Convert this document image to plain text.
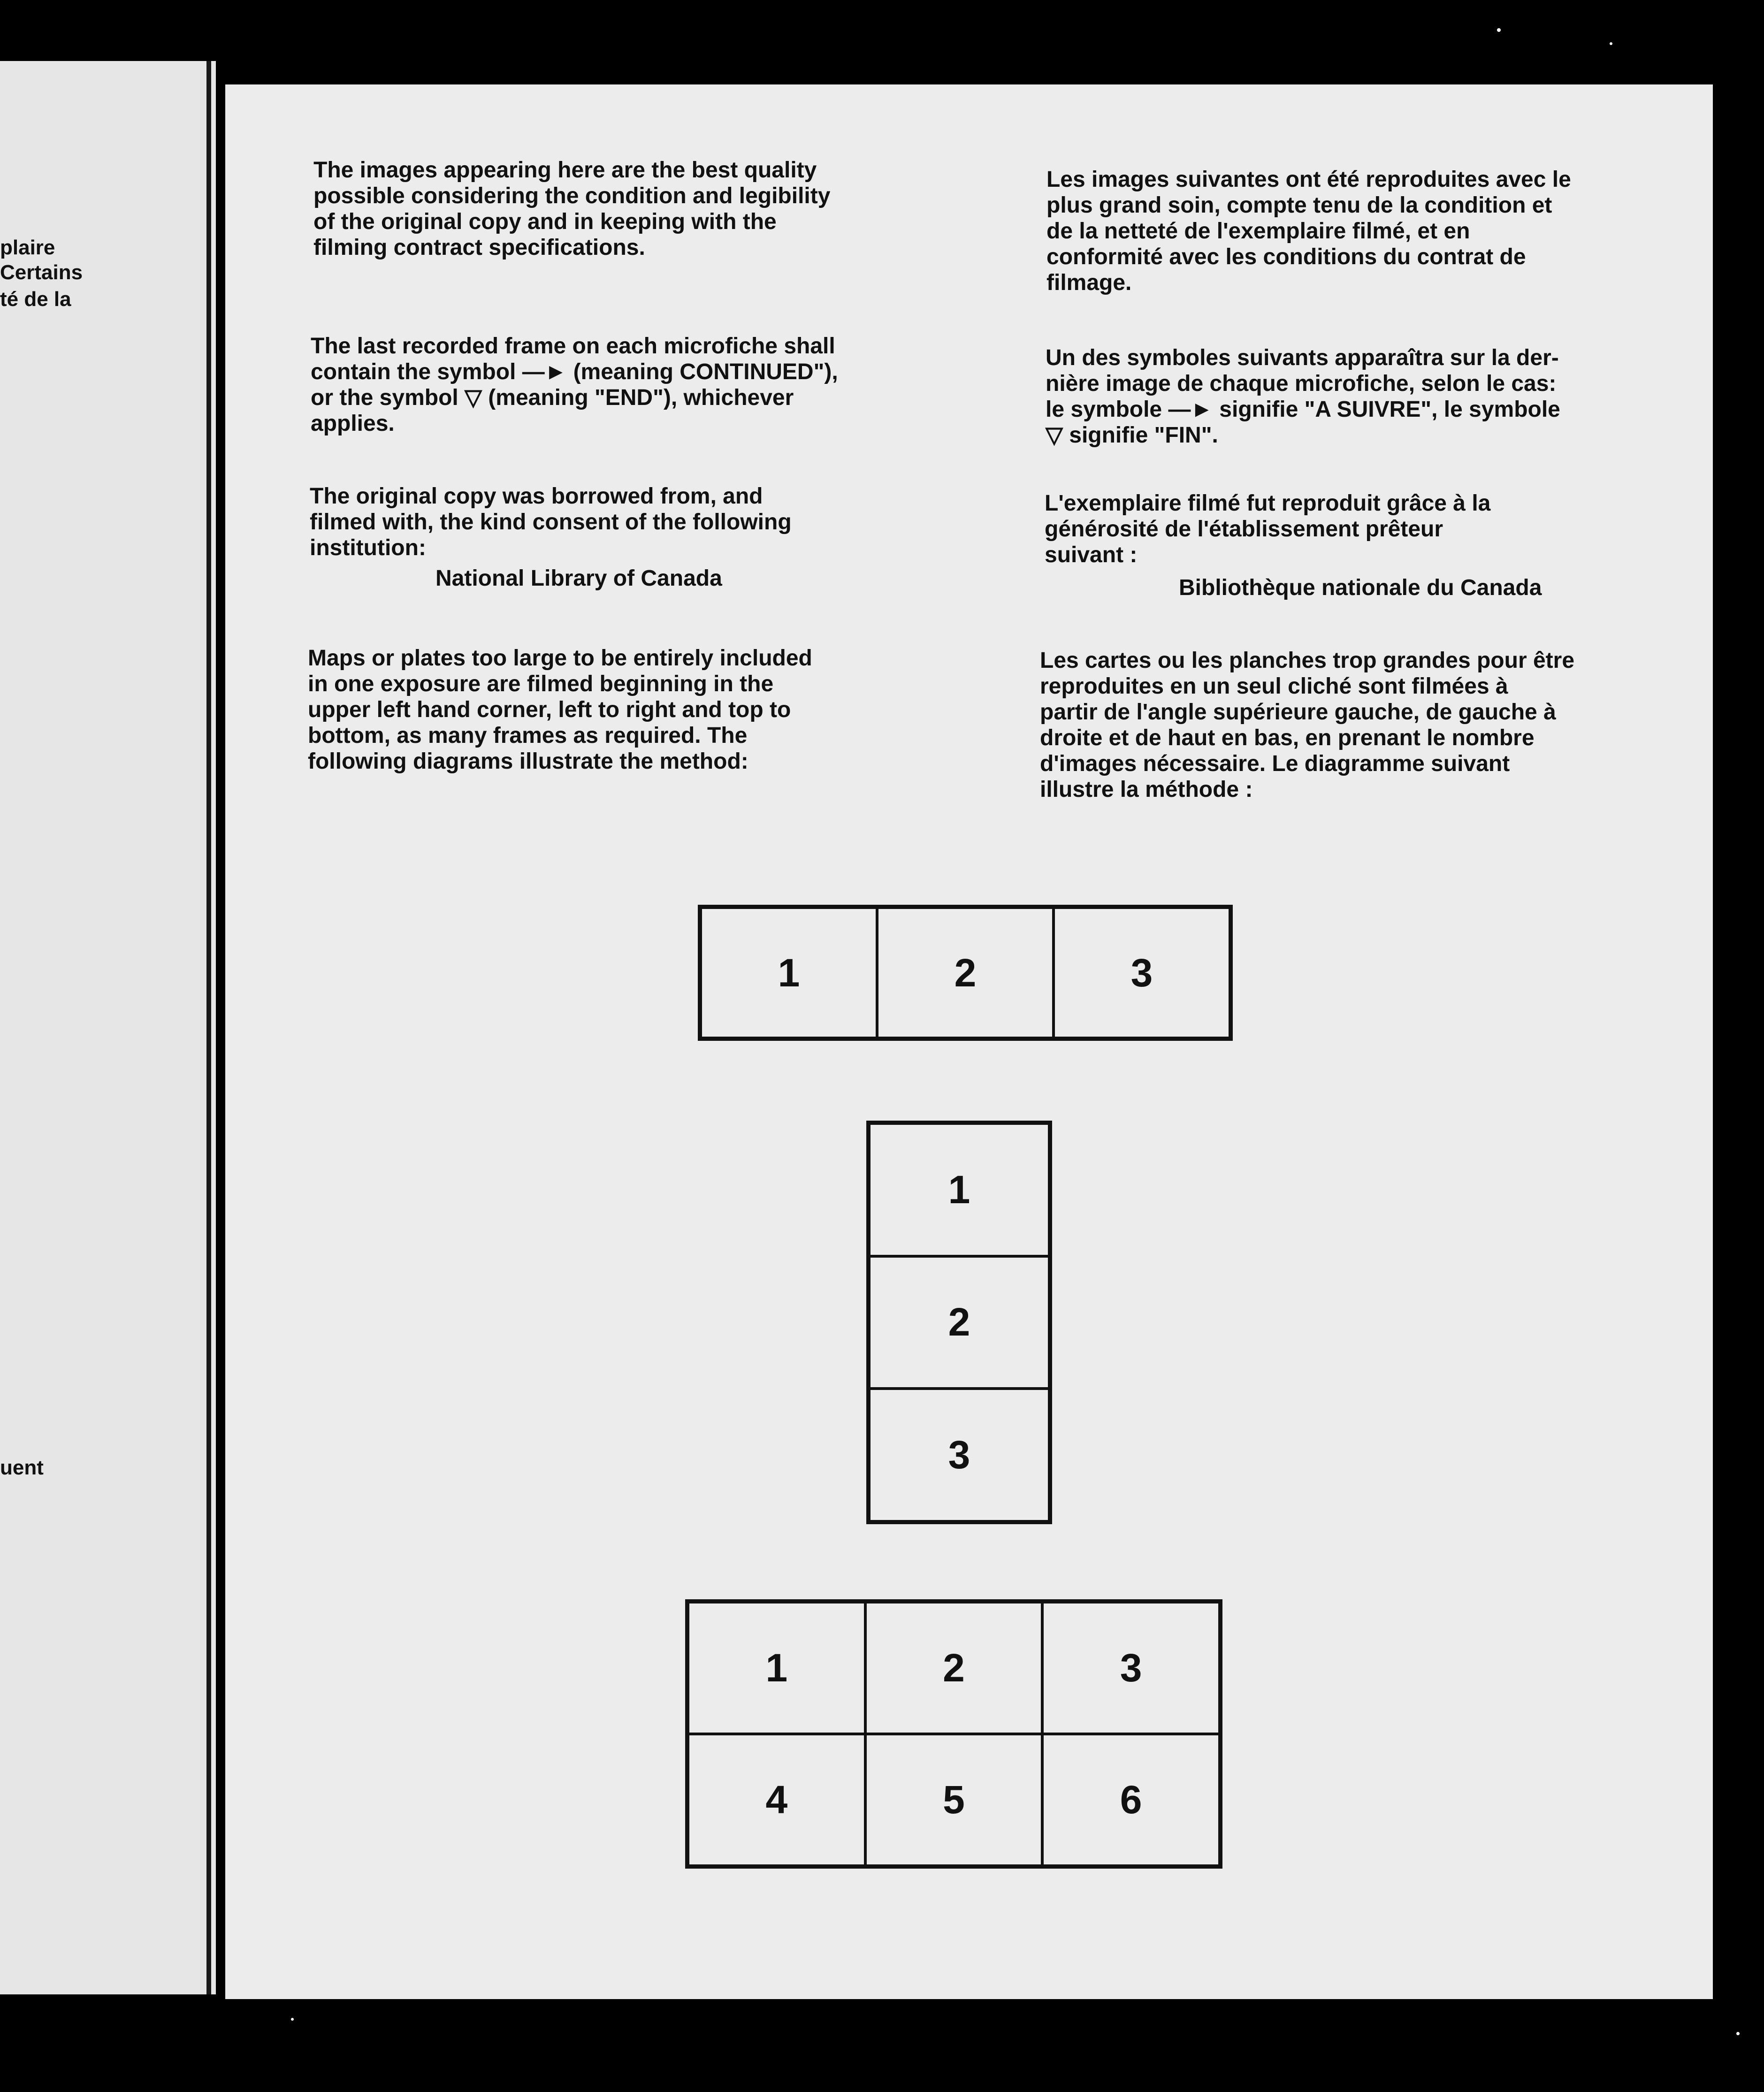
plaire
Certains
té de la
uent
The images appearing here are the best quality
possible considering the condition and legibility
of the original copy and in keeping with the
filming contract specifications.
The last recorded frame on each microfiche shall
contain the symbol —► (meaning CONTINUED"),
or the symbol ▽ (meaning "END"), whichever
applies.
The original copy was borrowed from, and
filmed with, the kind consent of the following
institution:
National Library of Canada
Maps or plates too large to be entirely included
in one exposure are filmed beginning in the
upper left hand corner, left to right and top to
bottom, as many frames as required. The
following diagrams illustrate the method:
Les images suivantes ont été reproduites avec le
plus grand soin, compte tenu de la condition et
de la netteté de l'exemplaire filmé, et en
conformité avec les conditions du contrat de
filmage.
Un des symboles suivants apparaîtra sur la der-
nière image de chaque microfiche, selon le cas:
le symbole —► signifie "A SUIVRE", le symbole
▽ signifie "FIN".
L'exemplaire filmé fut reproduit grâce à la
générosité de l'établissement prêteur
suivant :
Bibliothèque nationale du Canada
Les cartes ou les planches trop grandes pour être
reproduites en un seul cliché sont filmées à
partir de l'angle supérieure gauche, de gauche à
droite et de haut en bas, en prenant le nombre
d'images nécessaire. Le diagramme suivant
illustre la méthode :
1	2	3
1
2
3
1	2	3
4	5	6
